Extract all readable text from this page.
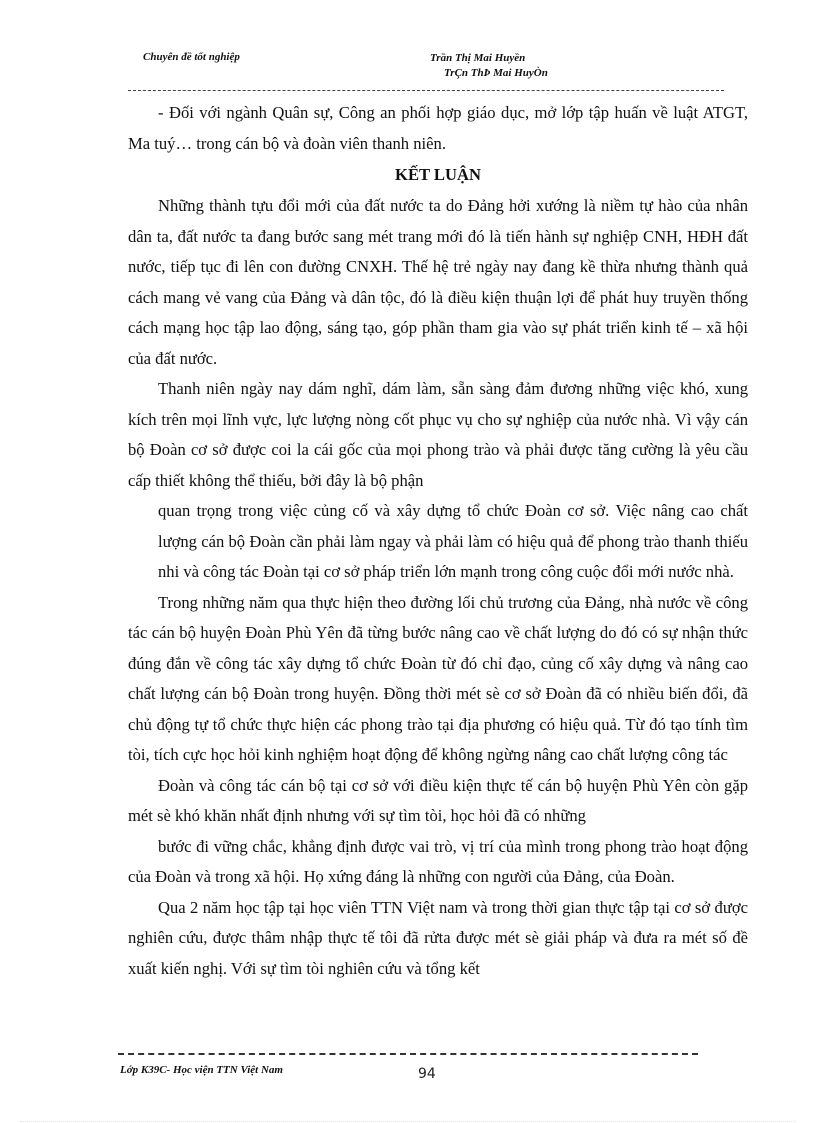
Chuyên đề tốt nghiệp	Trần Thị Mai Huyền
TrÇn ThÞ Mai HuyÒn

- Đối với ngành Quân sự, Công an phối hợp giáo dục, mở lớp tập huấn về luật ATGT, Ma tuý… trong cán bộ và đoàn viên thanh niên.

KẾT LUẬN

Những thành tựu đổi mới của đất nước ta do Đảng hởi xướng là niềm tự hào của nhân dân ta, đất nước ta đang bước sang mét trang mới đó là tiến hành sự nghiệp CNH, HĐH đất nước, tiếp tục đi lên con đường CNXH. Thế hệ trẻ ngày nay đang kề thừa nhưng thành quả cách mang vẻ vang của Đảng và dân tộc, đó là điều kiện thuận lợi để phát huy truyền thống cách mạng học tập lao động, sáng tạo, góp phần tham gia vào sự phát triển kinh tế – xã hội của đất nước.

Thanh niên ngày nay dám nghĩ, dám làm, sẵn sàng đảm đương những việc khó, xung kích trên mọi lĩnh vực, lực lượng nòng cốt phục vụ cho sự nghiệp của nước nhà. Vì vậy cán bộ Đoàn cơ sở được coi la cái gốc của mọi phong trào và phải được tăng cường là yêu cầu cấp thiết không thể thiếu, bởi đây là bộ phận

quan trọng trong việc củng cố và xây dựng tổ chức Đoàn cơ sở. Việc nâng cao chất lượng cán bộ Đoàn cần phải làm ngay và phải làm có hiệu quả để phong trào thanh thiếu nhi và công tác Đoàn tại cơ sở pháp triển lớn mạnh trong công cuộc đổi mới nước nhà.

Trong những năm qua thực hiện theo đường lối chủ trương của Đảng, nhà nước về công tác cán bộ huyện Đoàn Phù Yên đã từng bước nâng cao về chất lượng do đó có sự nhận thức đúng đắn về công tác xây dựng tổ chức Đoàn từ đó chỉ đạo, củng cố xây dựng và nâng cao chất lượng cán bộ Đoàn trong huyện. Đồng thời mét sè cơ sở Đoàn đã có nhiều biến đổi, đã chủ động tự tổ chức thực hiện các phong trào tại địa phương có hiệu quả. Từ đó tạo tính tìm tòi, tích cực học hỏi kinh nghiệm hoạt động để không ngừng nâng cao chất lượng công tác

Đoàn và công tác cán bộ tại cơ sở với điều kiện thực tế cán bộ huyện Phù Yên còn gặp mét sè khó khăn nhất định nhưng với sự tìm tòi, học hỏi đã có những

bước đi vững chắc, khẳng định được vai trò, vị trí của mình trong phong trào hoạt động của Đoàn và trong xã hội. Họ xứng đáng là những con người của Đảng, của Đoàn.

Qua 2 năm học tập tại học viên TTN Việt nam và trong thời gian thực tập tại cơ sở được nghiên cứu, được thâm nhập thực tế tôi đã rửta được mét sè giải pháp và đưa ra mét số đề xuất kiến nghị. Với sự tìm tòi nghiên cứu và tổng kết

Lớp K39C- Học viện TTN Việt Nam	94
